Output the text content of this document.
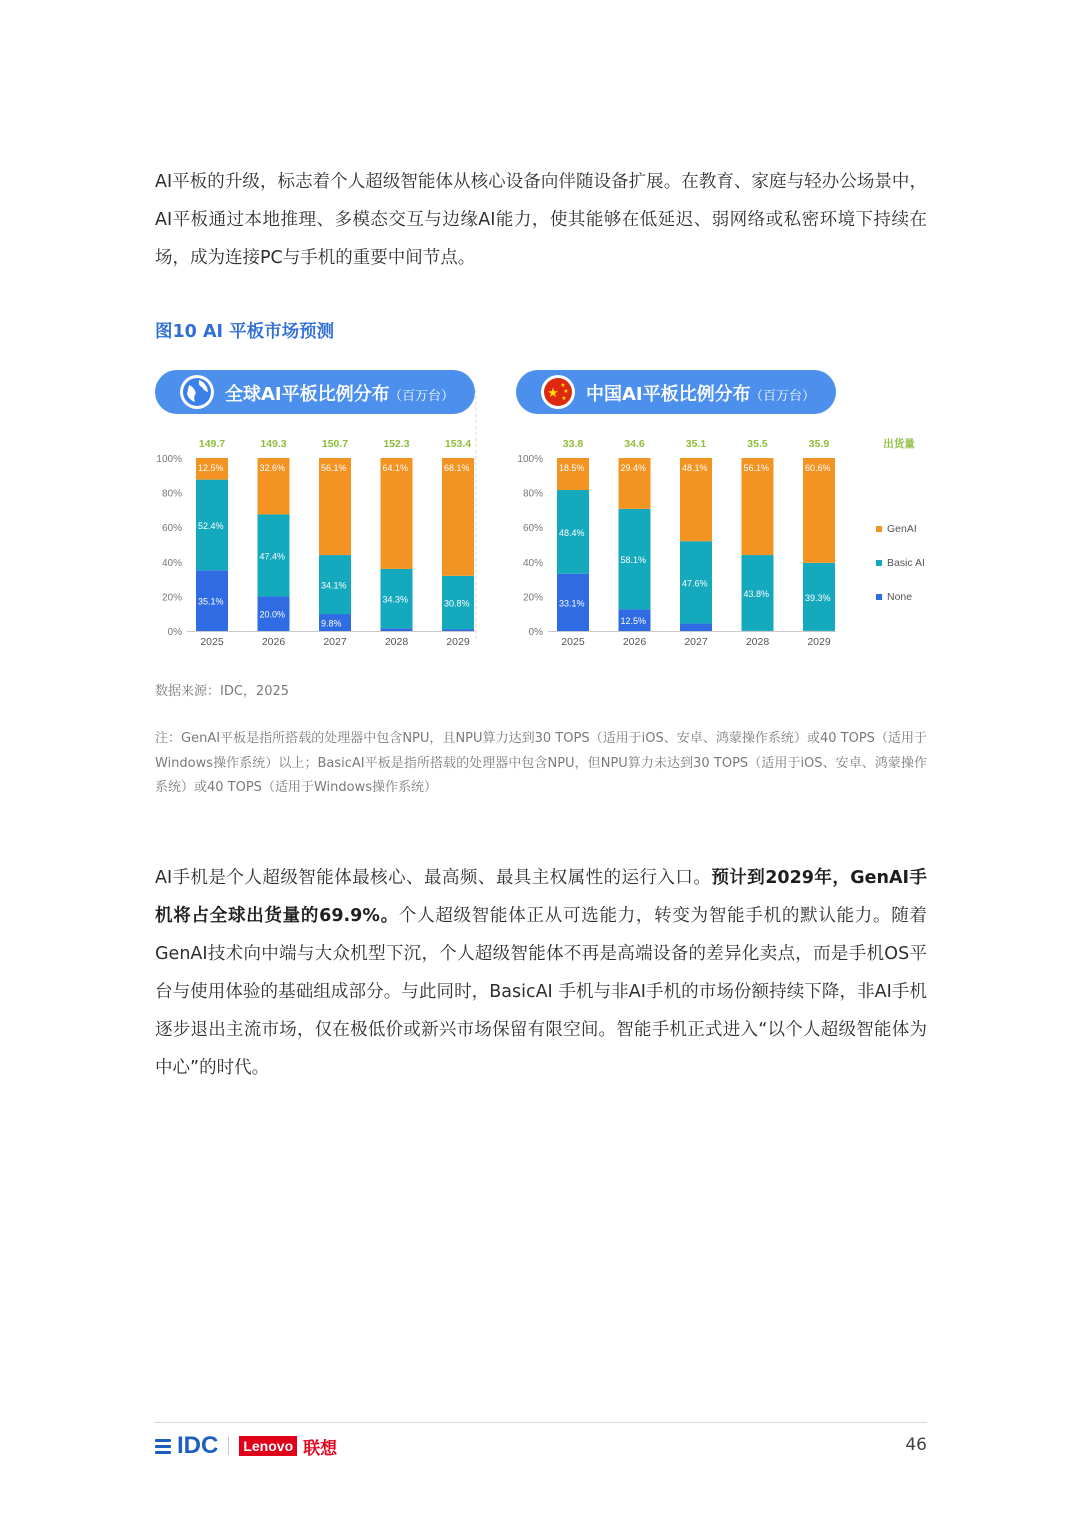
AI平板的升级，标志着个人超级智能体从核心设备向伴随设备扩展。在教育、家庭与轻办公场景中，AI平板通过本地推理、多模态交互与边缘AI能力，使其能够在低延迟、弱网络或私密环境下持续在场，成为连接PC与手机的重要中间节点。

图10 AI 平板市场预测
全球AI平板比例分布 （百万台）
0%
20%
40%
60%
80%
100%
35.1%
52.4%
12.5%
149.7
2025
20.0%
47.4%
32.6%
149.3
2026
9.8%
34.1%
56.1%
150.7
2027
34.3%
64.1%
152.3
2028
30.8%
68.1%
153.4
2029
★ ★
★
★ 中国AI平板比例分布 （百万台）
0%
20%
40%
60%
80%
100%
33.1%
48.4%
18.5%
33.8
2025
12.5%
58.1%
29.4%
34.6
2026
47.6%
48.1%
35.1
2027
43.8%
56.1%
35.5
2028
39.3%
60.6%
35.9
2029
出货量
GenAI
Basic AI
None
数据来源：IDC，2025

注：GenAI平板是指所搭载的处理器中包含NPU，且NPU算力达到30 TOPS（适用于iOS、安卓、鸿蒙操作系统）或40 TOPS（适用于Windows操作系统）以上；BasicAI平板是指所搭载的处理器中包含NPU，但NPU算力未达到30 TOPS（适用于iOS、安卓、鸿蒙操作系统）或40 TOPS（适用于Windows操作系统）

AI手机是个人超级智能体最核心、最高频、最具主权属性的运行入口。预计到2029年，GenAI手机将占全球出货量的69.9%。个人超级智能体正从可选能力，转变为智能手机的默认能力。随着GenAI技术向中端与大众机型下沉，个人超级智能体不再是高端设备的差异化卖点，而是手机OS平台与使用体验的基础组成部分。与此同时，BasicAI 手机与非AI手机的市场份额持续下降，非AI手机逐步退出主流市场，仅在极低价或新兴市场保留有限空间。智能手机正式进入“以个人超级智能体为中心”的时代。

IDC Lenovo 联想	46
